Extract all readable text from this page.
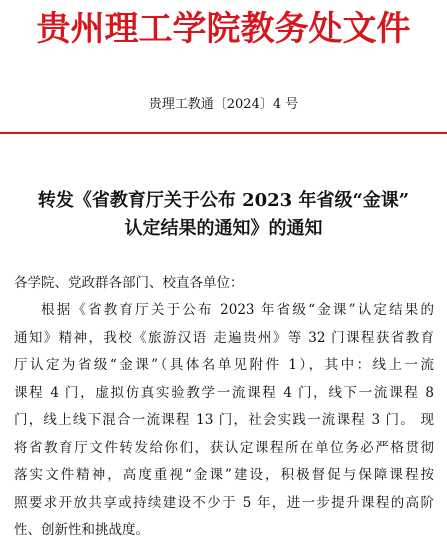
贵州理工学院教务处文件
贵理工教通〔2024〕4 号
转发《省教育厅关于公布 2023 年省级“金课”
认定结果的通知》的通知
各学院、党政群各部门、校直各单位：
根据《省教育厅关于公布 2023 年省级“金课”认定结果的
通知》精神，我校《旅游汉语 走遍贵州》等 32 门课程获省教育
厅认定为省级“金课”（具体名单见附件 1），其中：线上一流
课程 4 门，虚拟仿真实验教学一流课程 4 门，线下一流课程 8
门，线上线下混合一流课程 13 门，社会实践一流课程 3 门。 现
将省教育厅文件转发给你们，获认定课程所在单位务必严格贯彻
落实文件精神，高度重视“金课”建设，积极督促与保障课程按
照要求开放共享或持续建设不少于 5 年，进一步提升课程的高阶
性、创新性和挑战度。
